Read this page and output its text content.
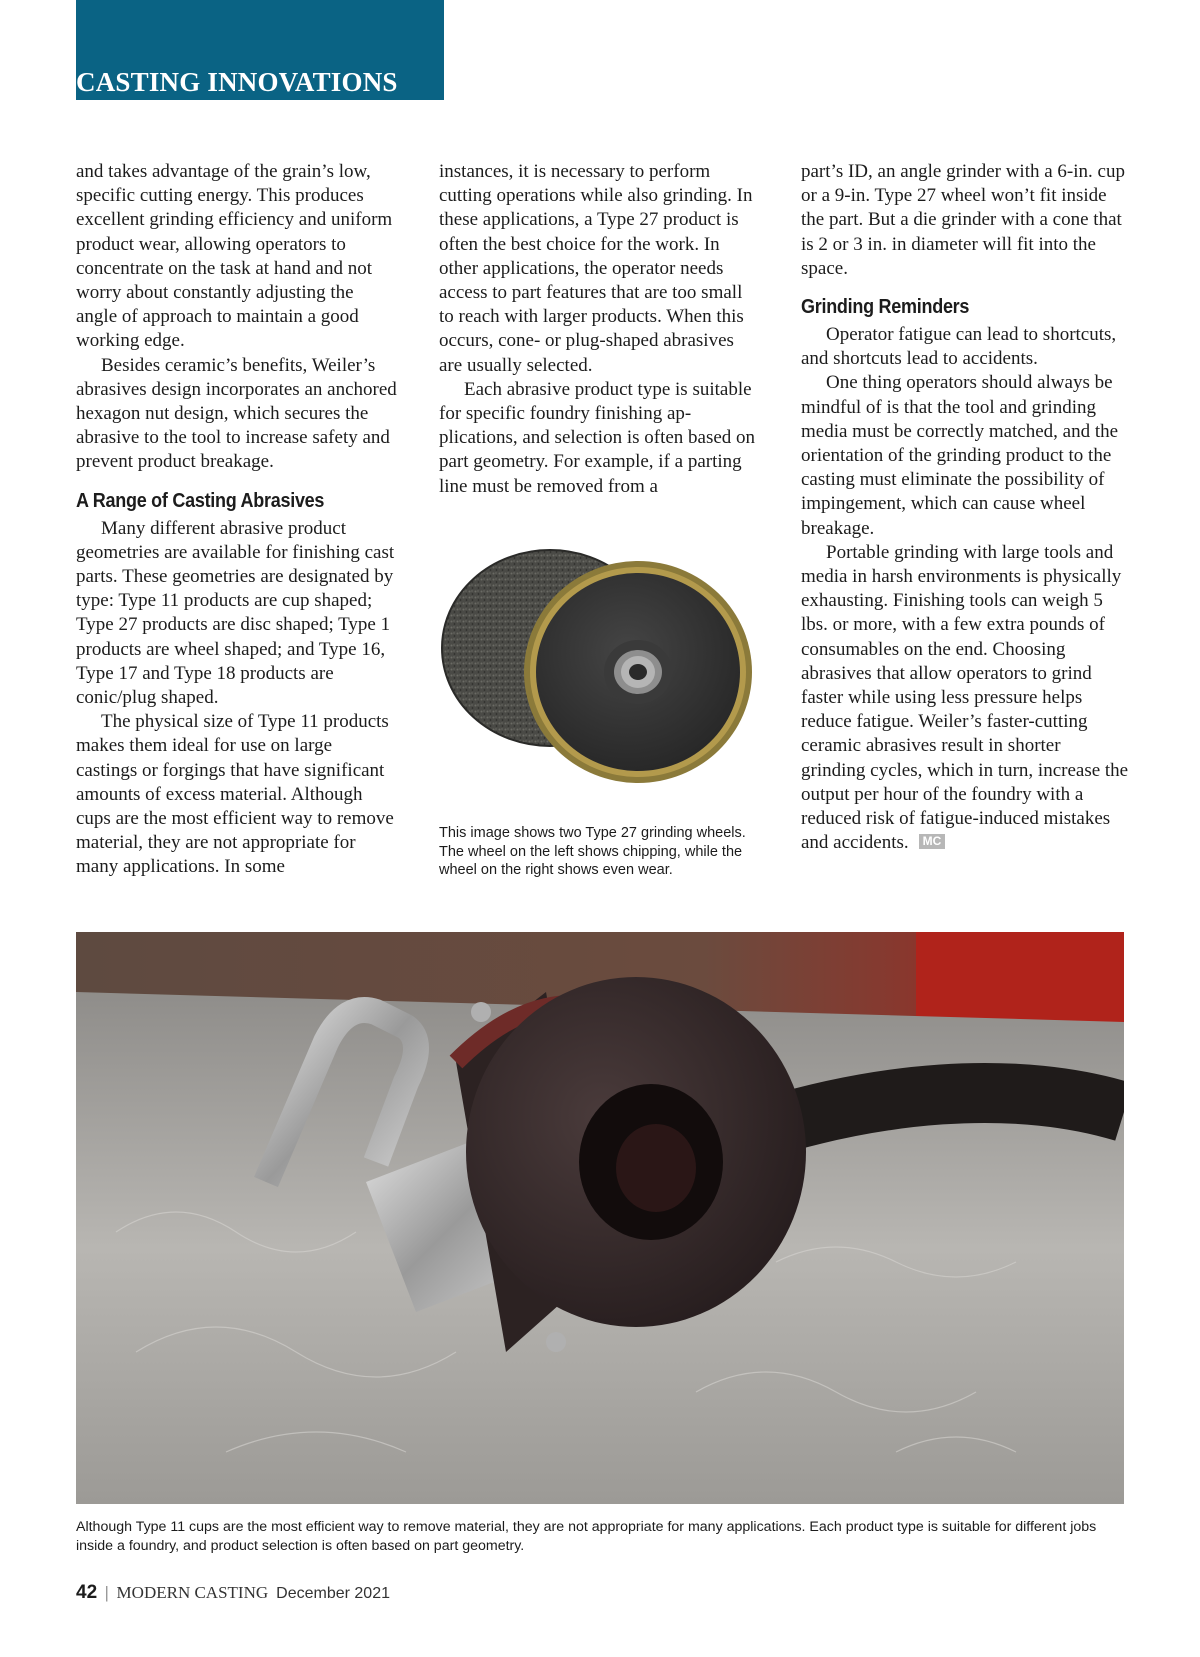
CASTING INNOVATIONS

and takes advantage of the grain’s low, specific cutting energy. This produces excellent grinding efficiency and uniform product wear, allowing operators to concentrate on the task at hand and not worry about constantly adjusting the angle of approach to maintain a good working edge.

Besides ceramic’s benefits, Weiler’s abrasives design incorporates an anchored hexagon nut design, which secures the abrasive to the tool to increase safety and prevent product breakage.

A Range of Casting Abrasives

Many different abrasive product geometries are available for finishing cast parts. These geometries are designated by type: Type 11 products are cup shaped; Type 27 products are disc shaped; Type 1 products are wheel shaped; and Type 16, Type 17 and Type 18 products are conic/plug shaped.

The physical size of Type 11 products makes them ideal for use on large castings or forgings that have significant amounts of excess material. Although cups are the most efficient way to remove material, they are not appropriate for many applications. In some

instances, it is necessary to perform cutting operations while also grinding. In these applications, a Type 27 product is often the best choice for the work. In other applications, the operator needs access to part features that are too small to reach with larger products. When this occurs, cone- or plug-shaped abrasives are usually selected.

Each abrasive product type is suitable for specific foundry finishing applications, and selection is often based on part geometry. For example, if a parting line must be removed from a

part’s ID, an angle grinder with a 6-in. cup or a 9-in. Type 27 wheel won’t fit inside the part. But a die grinder with a cone that is 2 or 3 in. in diameter will fit into the space.

Grinding Reminders

Operator fatigue can lead to shortcuts, and shortcuts lead to accidents.

One thing operators should always be mindful of is that the tool and grinding media must be correctly matched, and the orientation of the grinding product to the casting must eliminate the possibility of impingement, which can cause wheel breakage.

Portable grinding with large tools and media in harsh environments is physically exhausting. Finishing tools can weigh 5 lbs. or more, with a few extra pounds of consumables on the end. Choosing abrasives that allow operators to grind faster while using less pressure helps reduce fatigue. Weiler’s faster-cutting ceramic abrasives result in shorter grinding cycles, which in turn, increase the output per hour of the foundry with a reduced risk of fatigue-induced mistakes and accidents. MC

This image shows two Type 27 grinding wheels. The wheel on the left shows chipping, while the wheel on the right shows even wear.
Although Type 11 cups are the most efficient way to remove material, they are not appropriate for many applications. Each product type is suitable for different jobs inside a foundry, and product selection is often based on part geometry.
42 | MODERN CASTING December 2021
